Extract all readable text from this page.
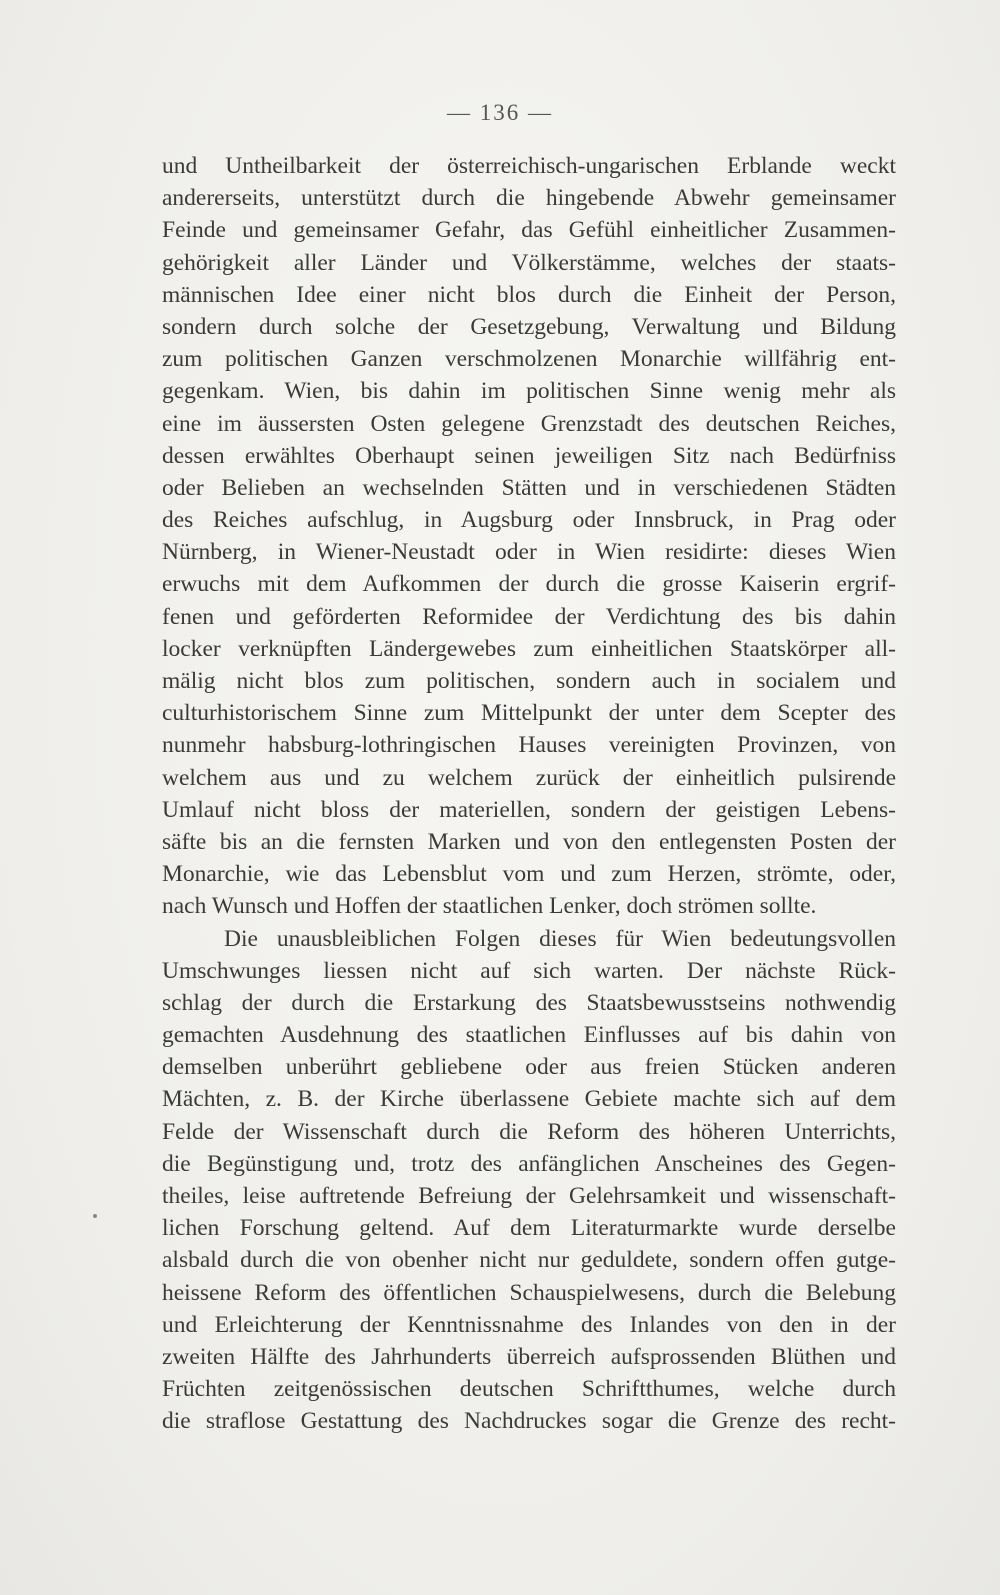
— 136 —
und Untheilbarkeit der österreichisch-ungarischen Erblande weckt
andererseits, unterstützt durch die hingebende Abwehr gemeinsamer
Feinde und gemeinsamer Gefahr, das Gefühl einheitlicher Zusammen-
gehörigkeit aller Länder und Völkerstämme, welches der staats-
männischen Idee einer nicht blos durch die Einheit der Person,
sondern durch solche der Gesetzgebung, Verwaltung und Bildung
zum politischen Ganzen verschmolzenen Monarchie willfährig ent-
gegenkam. Wien, bis dahin im politischen Sinne wenig mehr als
eine im äussersten Osten gelegene Grenzstadt des deutschen Reiches,
dessen erwähltes Oberhaupt seinen jeweiligen Sitz nach Bedürfniss
oder Belieben an wechselnden Stätten und in verschiedenen Städten
des Reiches aufschlug, in Augsburg oder Innsbruck, in Prag oder
Nürnberg, in Wiener-Neustadt oder in Wien residirte: dieses Wien
erwuchs mit dem Aufkommen der durch die grosse Kaiserin ergrif-
fenen und geförderten Reformidee der Verdichtung des bis dahin
locker verknüpften Ländergewebes zum einheitlichen Staatskörper all-
mälig nicht blos zum politischen, sondern auch in socialem und
culturhistorischem Sinne zum Mittelpunkt der unter dem Scepter des
nunmehr habsburg-lothringischen Hauses vereinigten Provinzen, von
welchem aus und zu welchem zurück der einheitlich pulsirende
Umlauf nicht bloss der materiellen, sondern der geistigen Lebens-
säfte bis an die fernsten Marken und von den entlegensten Posten der
Monarchie, wie das Lebensblut vom und zum Herzen, strömte, oder,
nach Wunsch und Hoffen der staatlichen Lenker, doch strömen sollte.
Die unausbleiblichen Folgen dieses für Wien bedeutungsvollen
Umschwunges liessen nicht auf sich warten. Der nächste Rück-
schlag der durch die Erstarkung des Staatsbewusstseins nothwendig
gemachten Ausdehnung des staatlichen Einflusses auf bis dahin von
demselben unberührt gebliebene oder aus freien Stücken anderen
Mächten, z. B. der Kirche überlassene Gebiete machte sich auf dem
Felde der Wissenschaft durch die Reform des höheren Unterrichts,
die Begünstigung und, trotz des anfänglichen Anscheines des Gegen-
theiles, leise auftretende Befreiung der Gelehrsamkeit und wissenschaft-
lichen Forschung geltend. Auf dem Literaturmarkte wurde derselbe
alsbald durch die von obenher nicht nur geduldete, sondern offen gutge-
heissene Reform des öffentlichen Schauspielwesens, durch die Belebung
und Erleichterung der Kenntnissnahme des Inlandes von den in der
zweiten Hälfte des Jahrhunderts überreich aufsprossenden Blüthen und
Früchten zeitgenössischen deutschen Schriftthumes, welche durch
die straflose Gestattung des Nachdruckes sogar die Grenze des recht-
